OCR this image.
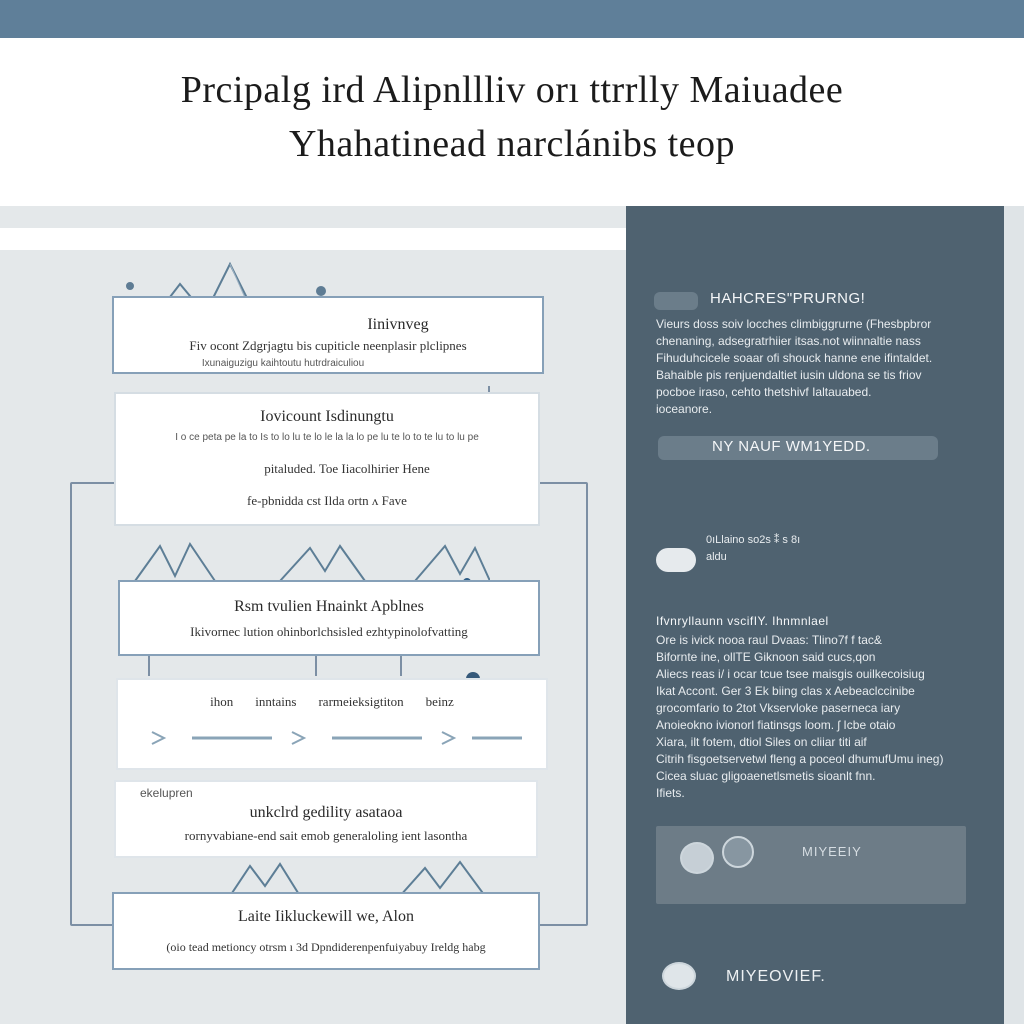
Prcipalg ird Alipnllliv orı ttrrlly Maiuadee
Yhahatinead narclánibs teop
Iinivnveg
Fiv ocont Zdgrjagtu bis cupiticle neenplasir plclipnes
Ixunaiguzigu kaihtoutu hutrdraiculiou
Iovicount Isdinungtu
I o ce peta pe la to Is to lo lu te lo le la la lo pe lu te lo to te lu to lu pe
pitaluded. Toe Iiacolhirier Hene
fe-pbnidda cst Ilda ortn ʌ Fave
Rsm tvulien Hnainkt Apblnes
Ikivornec lution ohinborlchsisled ezhtypinolofvatting
ihon inntains rarmeieksigtiton beinz
ekelupren
unkclrd gedility asataoa
rornyvabiane-end sait emob generaloling ient lasontha
Laite Iikluckewill we, Alon
(oio tead metioncy otrsm ı 3d Dpndiderenpenfuiyabuy Ireldg habg
HAHCRES"PRURNG!
Vieurs doss soiv locches climbiggrurne (Fhesbpbror
chenaning, adsegratrhiier itsas.not wiinnaltie nass
Fihuduhcicele soaar ofi shouck hanne ene ifintaldet.
Bahaible pis renjuendaltiet iusin uldona se tis friov
pocboe iraso, cehto thetshivf Ialtauabed.
ioceanore.
NY NAUF WM1YEDD.
0ıLlaino so2s ⁑ s 8ı
aldu
Ifvnryllaunn vscifIY. Ihnmnlael
Ore is ivick nooa raul Dvaas: Tlino7f f tac&
Bifornte ine, ollTE Giknoon said cucs,qon
Aliecs reas i/ i ocar tcue tsee maisgis ouilkecoisiug
Ikat Accont. Ger 3 Ek biing clas x Aebeaclccinibe
grocomfario to 2tot Vkservloke paserneca iary
Anoieokno ivionorl fiatinsgs loom. ʃ Icbe otaio
Xiara, ilt fotem, dtiol Siles on cliiar titi aif
Citrih fisgoetservetwl fleng a poceol dhumufUmu ineg)
Cicea sluac gligoaenetlsmetis sioanlt fnn.
Ifiets.
MIYEEIY
MIYEOVIEF.
